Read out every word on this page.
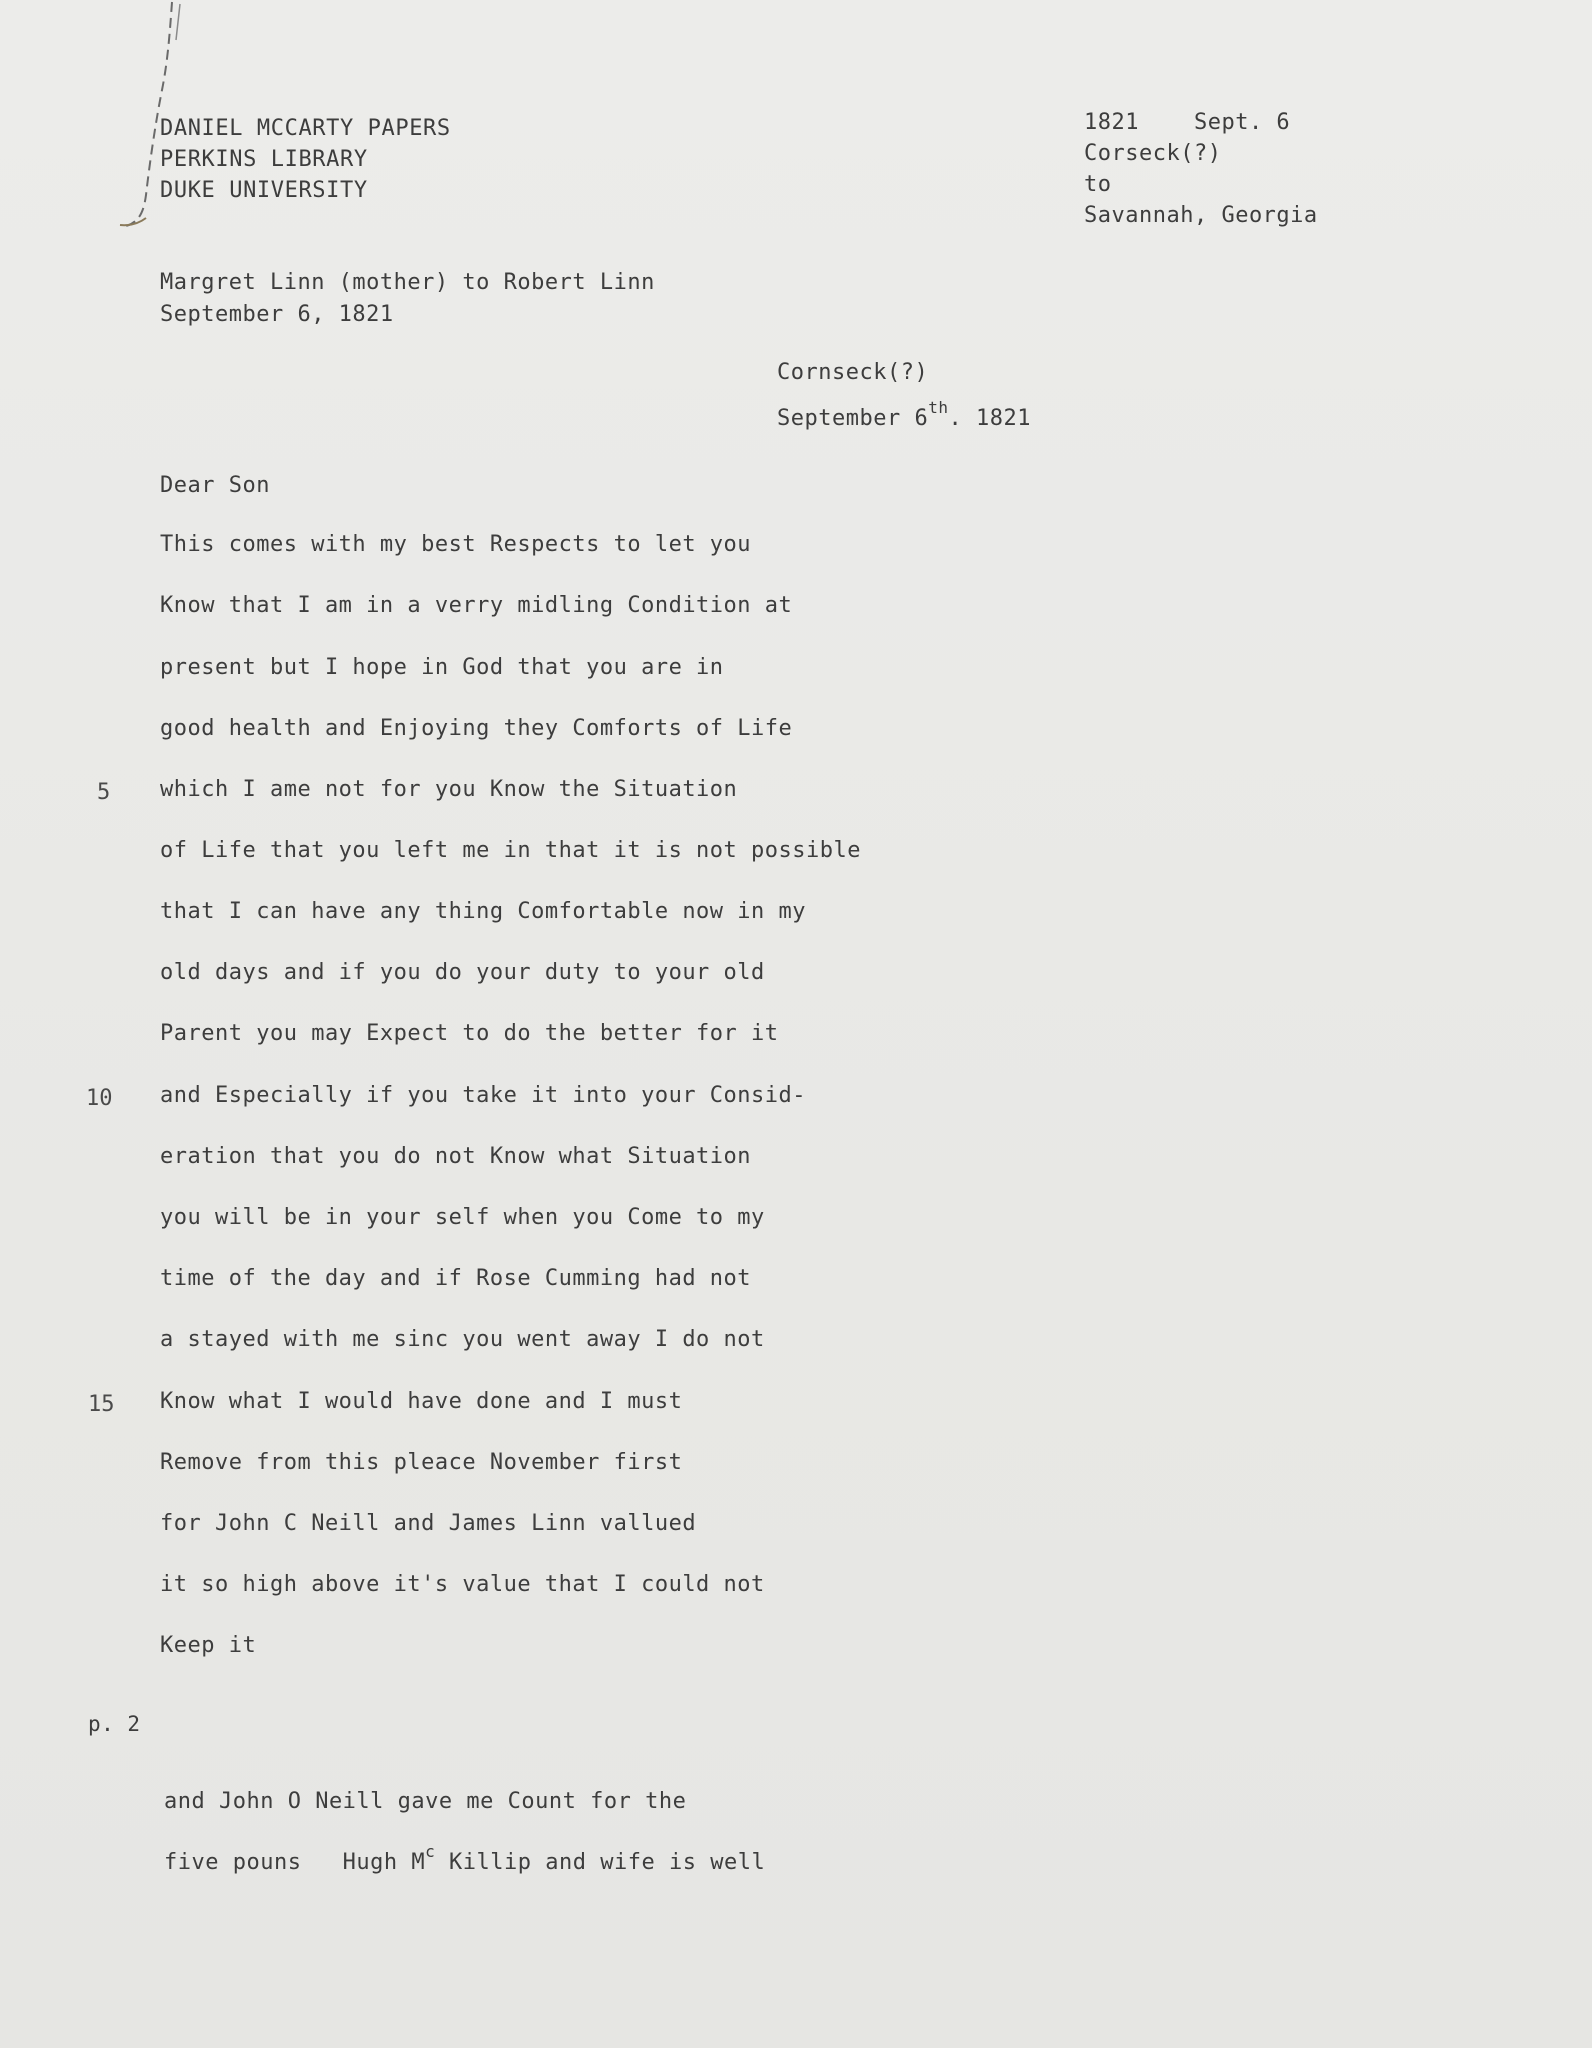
DANIEL MCCARTY PAPERS
PERKINS LIBRARY
DUKE UNIVERSITY
1821    Sept. 6
Corseck(?)
to
Savannah, Georgia
Margret Linn (mother) to Robert Linn
September 6, 1821
Cornseck(?)
September 6th. 1821
Dear Son
This comes with my best Respects to let you
Know that I am in a verry midling Condition at
present but I hope in God that you are in
good health and Enjoying they Comforts of Life
which I ame not for you Know the Situation
of Life that you left me in that it is not possible
that I can have any thing Comfortable now in my
old days and if you do your duty to your old
Parent you may Expect to do the better for it
and Especially if you take it into your Consid-
eration that you do not Know what Situation
you will be in your self when you Come to my
time of the day and if Rose Cumming had not
a stayed with me sinc you went away I do not
Know what I would have done and I must
Remove from this pleace November first
for John C Neill and James Linn vallued
it so high above it's value that I could not
Keep it
5
10
15
p. 2
and John O Neill gave me Count for the
five pouns   Hugh $M^c$ Killip and wife is well
